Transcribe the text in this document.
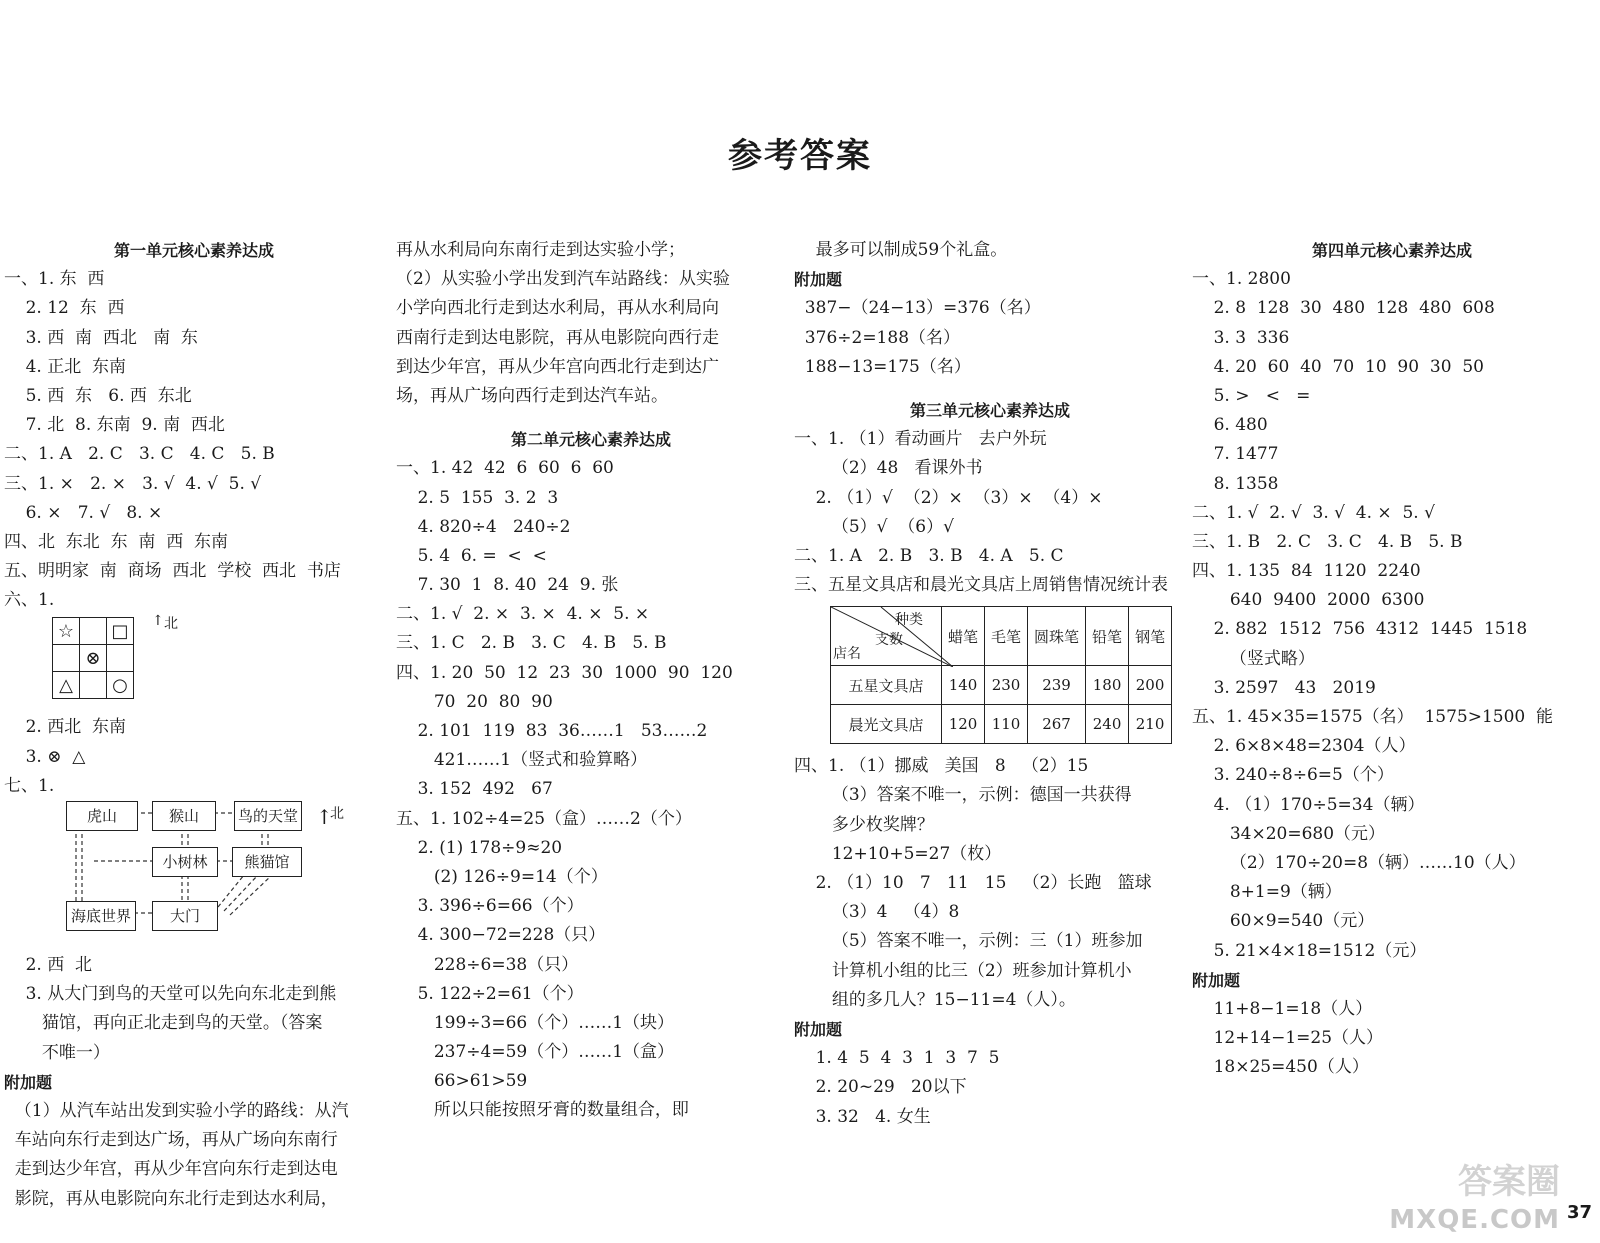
参考答案
第一单元核心素养达成
一、1. 东  西
2. 12  东  西
3. 西  南  西北   南  东
4. 正北  东南
5. 西  东   6. 西  东北
7. 北  8. 东南  9. 南  西北
二、1. A   2. C   3. C   4. C   5. B
三、1. ×   2. ×   3. √  4. √  5. √
6. ×   7. √   8. ×
四、北  东北  东  南  西  东南
五、明明家  南  商场  西北  学校  西北  书店
六、1.
☆		□
	⊗	
△		○
↑ 北
2. 西北  东南
3. ⊗  △
七、1.
虎山	猴山	鸟的天堂
小树林	熊猫馆
海底世界	大门
↑
北
2. 西  北
3. 从大门到鸟的天堂可以先向东北走到熊
猫馆，再向正北走到鸟的天堂。（答案
不唯一）
附加题
（1）从汽车站出发到实验小学的路线：从汽
车站向东行走到达广场，再从广场向东南行
走到达少年宫，再从少年宫向东行走到达电
影院，再从电影院向东北行走到达水利局，
再从水利局向东南行走到达实验小学；
（2）从实验小学出发到汽车站路线：从实验
小学向西北行走到达水利局，再从水利局向
西南行走到达电影院，再从电影院向西行走
到达少年宫，再从少年宫向西北行走到达广
场，再从广场向西行走到达汽车站。
第二单元核心素养达成
一、1. 42  42  6  60  6  60
2. 5  155  3. 2  3
4. 820÷4   240÷2
5. 4  6. =  <  <
7. 30  1  8. 40  24  9. 张
二、1. √  2. ×  3. ×  4. ×  5. ×
三、1. C   2. B   3. C   4. B   5. B
四、1. 20  50  12  23  30  1000  90  120
70  20  80  90
2. 101  119  83  36……1   53……2
421……1（竖式和验算略）
3. 152  492   67
五、1. 102÷4=25（盒）……2（个）
2. (1) 178÷9≈20
(2) 126÷9=14（个）
3. 396÷6=66（个）
4. 300−72=228（只）
228÷6=38（只）
5. 122÷2=61（个）
199÷3=66（个）……1（块）
237÷4=59（个）……1（盒）
66>61>59
所以只能按照牙膏的数量组合，即
最多可以制成59个礼盒。
附加题
387−（24−13）=376（名）
376÷2=188（名）
188−13=175（名）
第三单元核心素养达成
一、1. （1）看动画片   去户外玩
（2）48   看课外书
2. （1）√  （2）×  （3）×  （4）×
（5）√  （6）√
二、1. A   2. B   3. B   4. A   5. C
三、五星文具店和晨光文具店上周销售情况统计表
种类
支数
店名	蜡笔	毛笔	圆珠笔	铅笔	钢笔
五星文具店	140	230	239	180	200
晨光文具店	120	110	267	240	210
四、1. （1）挪威   美国   8   （2）15
（3）答案不唯一，示例：德国一共获得
多少枚奖牌？
12+10+5=27（枚）
2. （1）10   7   11   15   （2）长跑   篮球
（3）4   （4）8
（5）答案不唯一，示例：三（1）班参加
计算机小组的比三（2）班参加计算机小
组的多几人？15−11=4（人）。
附加题
1. 4  5  4  3  1  3  7  5
2. 20~29   20以下
3. 32   4. 女生
第四单元核心素养达成
一、1. 2800
2. 8  128  30  480  128  480  608
3. 3  336
4. 20  60  40  70  10  90  30  50
5. >   <   =
6. 480
7. 1477
8. 1358
二、1. √  2. √  3. √  4. ×  5. √
三、1. B   2. C   3. C   4. B   5. B
四、1. 135  84  1120  2240
640  9400  2000  6300
2. 882  1512  756  4312  1445  1518
（竖式略）
3. 2597   43   2019
五、1. 45×35=1575（名）  1575>1500  能
2. 6×8×48=2304（人）
3. 240÷8÷6=5（个）
4. （1）170÷5=34（辆）
34×20=680（元）
（2）170÷20=8（辆）……10（人）
8+1=9（辆）
60×9=540（元）
5. 21×4×18=1512（元）
附加题
11+8−1=18（人）
12+14−1=25（人）
18×25=450（人）
答案圈
MXQE.COM 37
